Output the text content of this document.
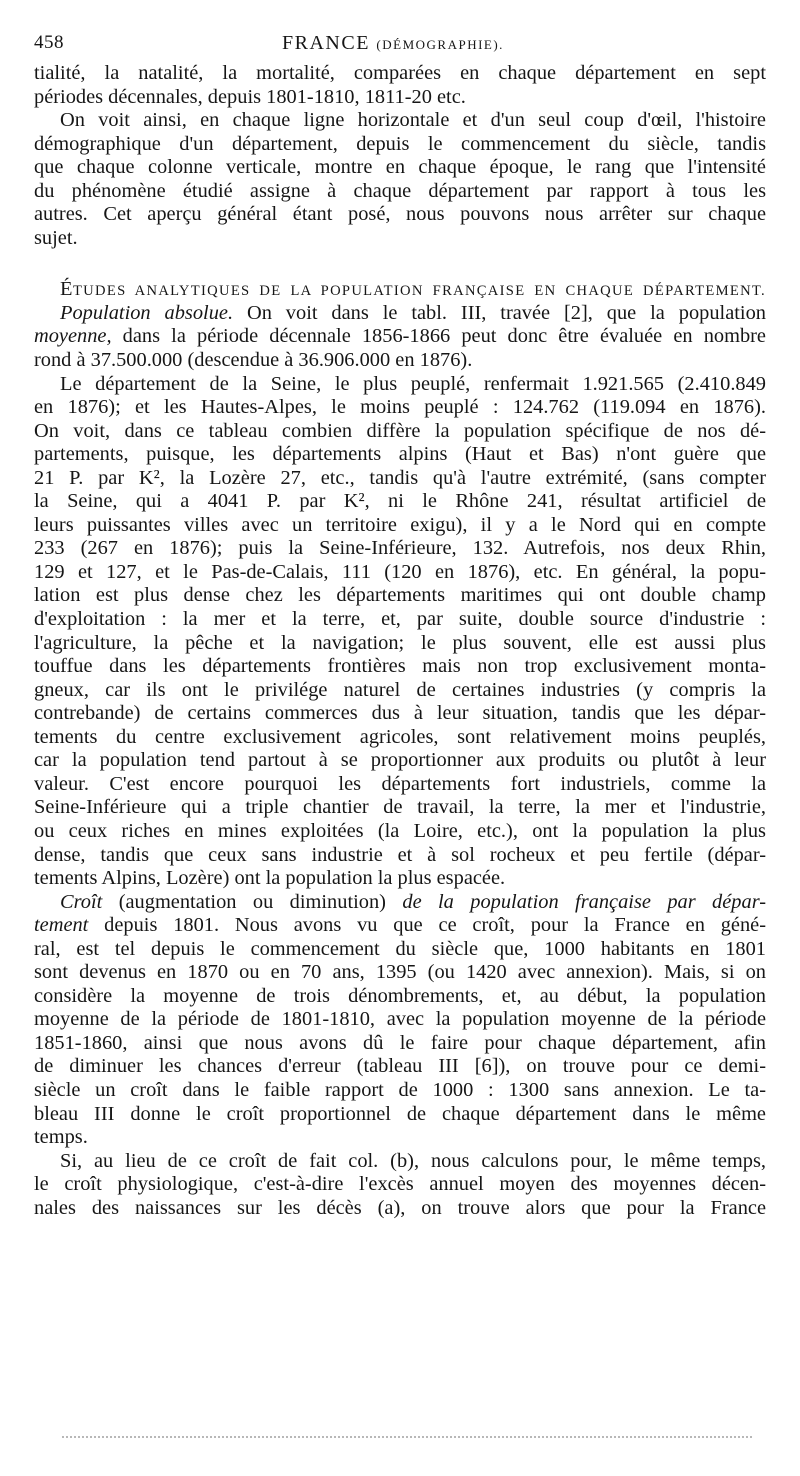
458	FRANCE (DÉMOGRAPHIE).
tialité, la natalité, la mortalité, comparées en chaque département en sept
périodes décennales, depuis 1801-1810, 1811-20 etc.
On voit ainsi, en chaque ligne horizontale et d'un seul coup d'œil, l'histoire
démographique d'un département, depuis le commencement du siècle, tandis
que chaque colonne verticale, montre en chaque époque, le rang que l'intensité
du phénomène étudié assigne à chaque département par rapport à tous les
autres. Cet aperçu général étant posé, nous pouvons nous arrêter sur chaque
sujet.
ÉTUDES ANALYTIQUES DE LA POPULATION FRANÇAISE EN CHAQUE DÉPARTEMENT.
Population absolue. On voit dans le tabl. III, travée [2], que la population
moyenne, dans la période décennale 1856-1866 peut donc être évaluée en nombre
rond à 37.500.000 (descendue à 36.906.000 en 1876).
Le département de la Seine, le plus peuplé, renfermait 1.921.565 (2.410.849
en 1876); et les Hautes-Alpes, le moins peuplé : 124.762 (119.094 en 1876).
On voit, dans ce tableau combien diffère la population spécifique de nos dé-
partements, puisque, les départements alpins (Haut et Bas) n'ont guère que
21 P. par K², la Lozère 27, etc., tandis qu'à l'autre extrémité, (sans compter
la Seine, qui a 4041 P. par K², ni le Rhône 241, résultat artificiel de
leurs puissantes villes avec un territoire exigu), il y a le Nord qui en compte
233 (267 en 1876); puis la Seine-Inférieure, 132. Autrefois, nos deux Rhin,
129 et 127, et le Pas-de-Calais, 111 (120 en 1876), etc. En général, la popu-
lation est plus dense chez les départements maritimes qui ont double champ
d'exploitation : la mer et la terre, et, par suite, double source d'industrie :
l'agriculture, la pêche et la navigation; le plus souvent, elle est aussi plus
touffue dans les départements frontières mais non trop exclusivement monta-
gneux, car ils ont le privilége naturel de certaines industries (y compris la
contrebande) de certains commerces dus à leur situation, tandis que les dépar-
tements du centre exclusivement agricoles, sont relativement moins peuplés,
car la population tend partout à se proportionner aux produits ou plutôt à leur
valeur. C'est encore pourquoi les départements fort industriels, comme la
Seine-Inférieure qui a triple chantier de travail, la terre, la mer et l'industrie,
ou ceux riches en mines exploitées (la Loire, etc.), ont la population la plus
dense, tandis que ceux sans industrie et à sol rocheux et peu fertile (dépar-
tements Alpins, Lozère) ont la population la plus espacée.
Croît (augmentation ou diminution) de la population française par dépar-
tement depuis 1801. Nous avons vu que ce croît, pour la France en géné-
ral, est tel depuis le commencement du siècle que, 1000 habitants en 1801
sont devenus en 1870 ou en 70 ans, 1395 (ou 1420 avec annexion). Mais, si on
considère la moyenne de trois dénombrements, et, au début, la population
moyenne de la période de 1801-1810, avec la population moyenne de la période
1851-1860, ainsi que nous avons dû le faire pour chaque département, afin
de diminuer les chances d'erreur (tableau III [6]), on trouve pour ce demi-
siècle un croît dans le faible rapport de 1000 : 1300 sans annexion. Le ta-
bleau III donne le croît proportionnel de chaque département dans le même
temps.
Si, au lieu de ce croît de fait col. (b), nous calculons pour, le même temps,
le croît physiologique, c'est-à-dire l'excès annuel moyen des moyennes décen-
nales des naissances sur les décès (a), on trouve alors que pour la France
